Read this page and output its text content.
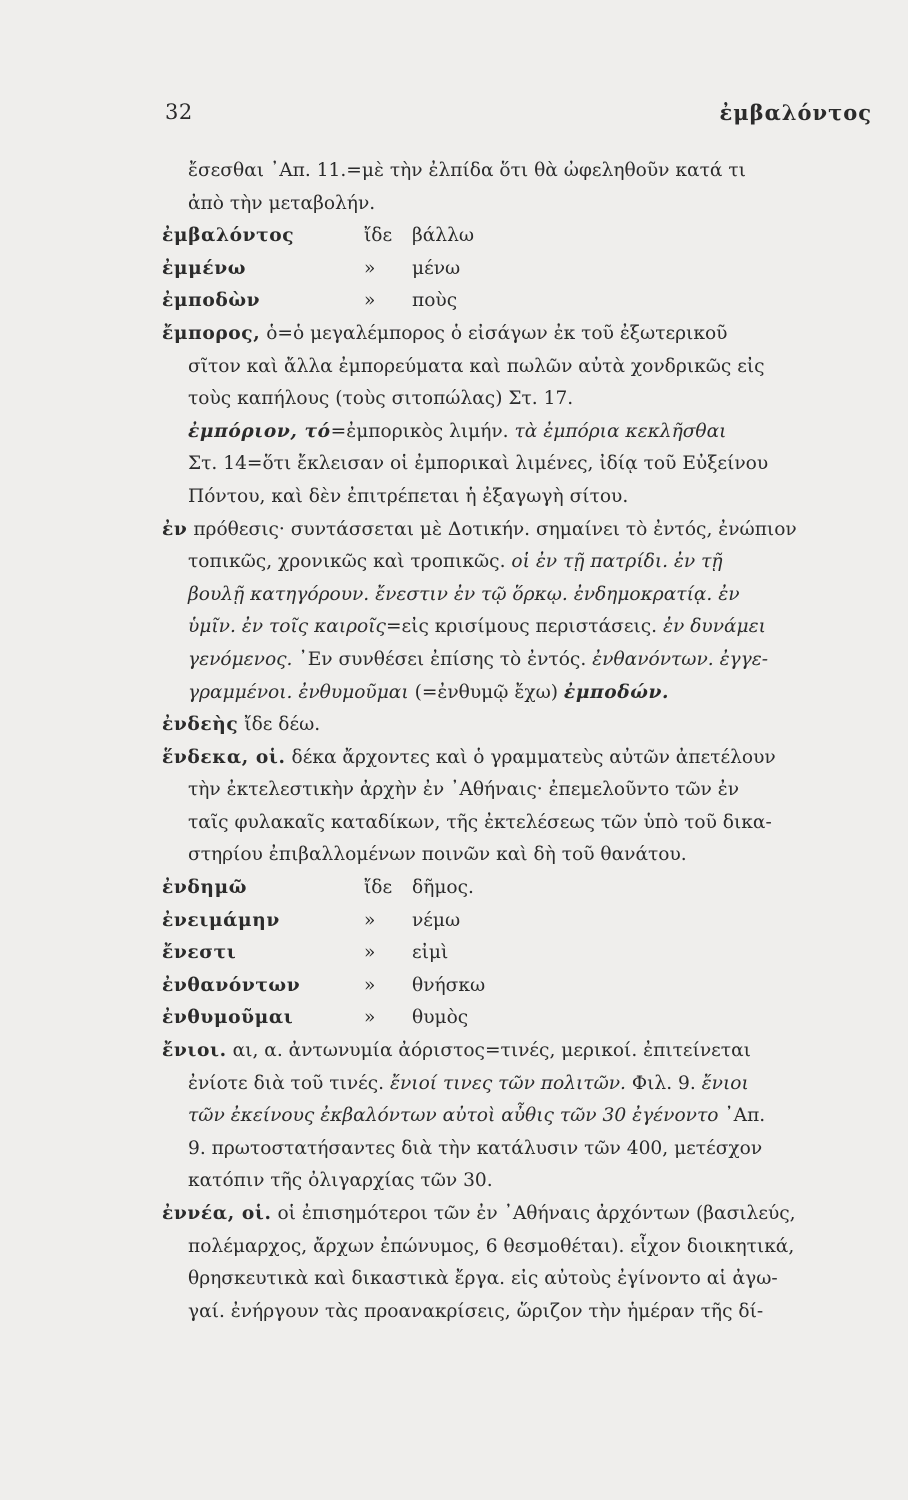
32	ἐμβαλόντος
ἔσεσθαι ᾿Απ. 11.=μὲ τὴν ἐλπίδα ὅτι θὰ ὠφεληθοῦν κατά τι
ἀπὸ τὴν μεταβολήν.
ἐμβαλόντος	ἴδε βάλλω
ἐμμένω	» μένω
ἐμποδὼν	» ποὺς
ἔμπορος, ὁ=ὁ μεγαλέμπορος ὁ εἰσάγων ἐκ τοῦ ἐξωτερικοῦ
σῖτον καὶ ἄλλα ἐμπορεύματα καὶ πωλῶν αὐτὰ χονδρικῶς εἰς
τοὺς καπήλους (τοὺς σιτοπώλας) Στ. 17.
ἐμπόριον, τό=ἐμπορικὸς λιμήν. τὰ ἐμπόρια κεκλῆσθαι
Στ. 14=ὅτι ἔκλεισαν οἱ ἐμπορικαὶ λιμένες, ἰδίᾳ τοῦ Εὐξείνου
Πόντου, καὶ δὲν ἐπιτρέπεται ἡ ἐξαγωγὴ σίτου.
ἐν πρόθεσις· συντάσσεται μὲ Δοτικήν. σημαίνει τὸ ἐντός, ἐνώπιον
τοπικῶς, χρονικῶς καὶ τροπικῶς. οἱ ἐν τῇ πατρίδι. ἐν τῇ
βουλῇ κατηγόρουν. ἔνεστιν ἐν τῷ ὅρκῳ. ἐνδημοκρατίᾳ. ἐν
ὑμῖν. ἐν τοῖς καιροῖς=εἰς κρισίμους περιστάσεις. ἐν δυνάμει
γενόμενος. ᾿Εν συνθέσει ἐπίσης τὸ ἐντός. ἐνθανόντων. ἐγγε-
γραμμένοι. ἐνθυμοῦμαι (=ἐνθυμῷ ἔχω) ἐμποδών.
ἐνδεὴς ἴδε δέω.
ἕνδεκα, οἱ. δέκα ἄρχοντες καὶ ὁ γραμματεὺς αὐτῶν ἀπετέλουν
τὴν ἐκτελεστικὴν ἀρχὴν ἐν ᾿Αθήναις· ἐπεμελοῦντο τῶν ἐν
ταῖς φυλακαῖς καταδίκων, τῆς ἐκτελέσεως τῶν ὑπὸ τοῦ δικα-
στηρίου ἐπιβαλλομένων ποινῶν καὶ δὴ τοῦ θανάτου.
ἐνδημῶ	ἴδε δῆμος.
ἐνειμάμην	» νέμω
ἔνεστι	» εἰμὶ
ἐνθανόντων	» θνήσκω
ἐνθυμοῦμαι	» θυμὸς
ἔνιοι. αι, α. ἀντωνυμία ἀόριστος=τινές, μερικοί. ἐπιτείνεται
ἐνίοτε διὰ τοῦ τινές. ἔνιοί τινες τῶν πολιτῶν. Φιλ. 9. ἔνιοι
τῶν ἐκείνους ἐκβαλόντων αὐτοὶ αὖθις τῶν 30 ἐγένοντο ᾿Απ.
9. πρωτοστατήσαντες διὰ τὴν κατάλυσιν τῶν 400, μετέσχον
κατόπιν τῆς ὀλιγαρχίας τῶν 30.
ἐννέα, οἱ. οἱ ἐπισημότεροι τῶν ἐν ᾿Αθήναις ἀρχόντων (βασιλεύς,
πολέμαρχος, ἄρχων ἐπώνυμος, 6 θεσμοθέται). εἶχον διοικητικά,
θρησκευτικὰ καὶ δικαστικὰ ἔργα. εἰς αὐτοὺς ἐγίνοντο αἱ ἀγω-
γαί. ἐνήργουν τὰς προανακρίσεις, ὥριζον τὴν ἡμέραν τῆς δί-
